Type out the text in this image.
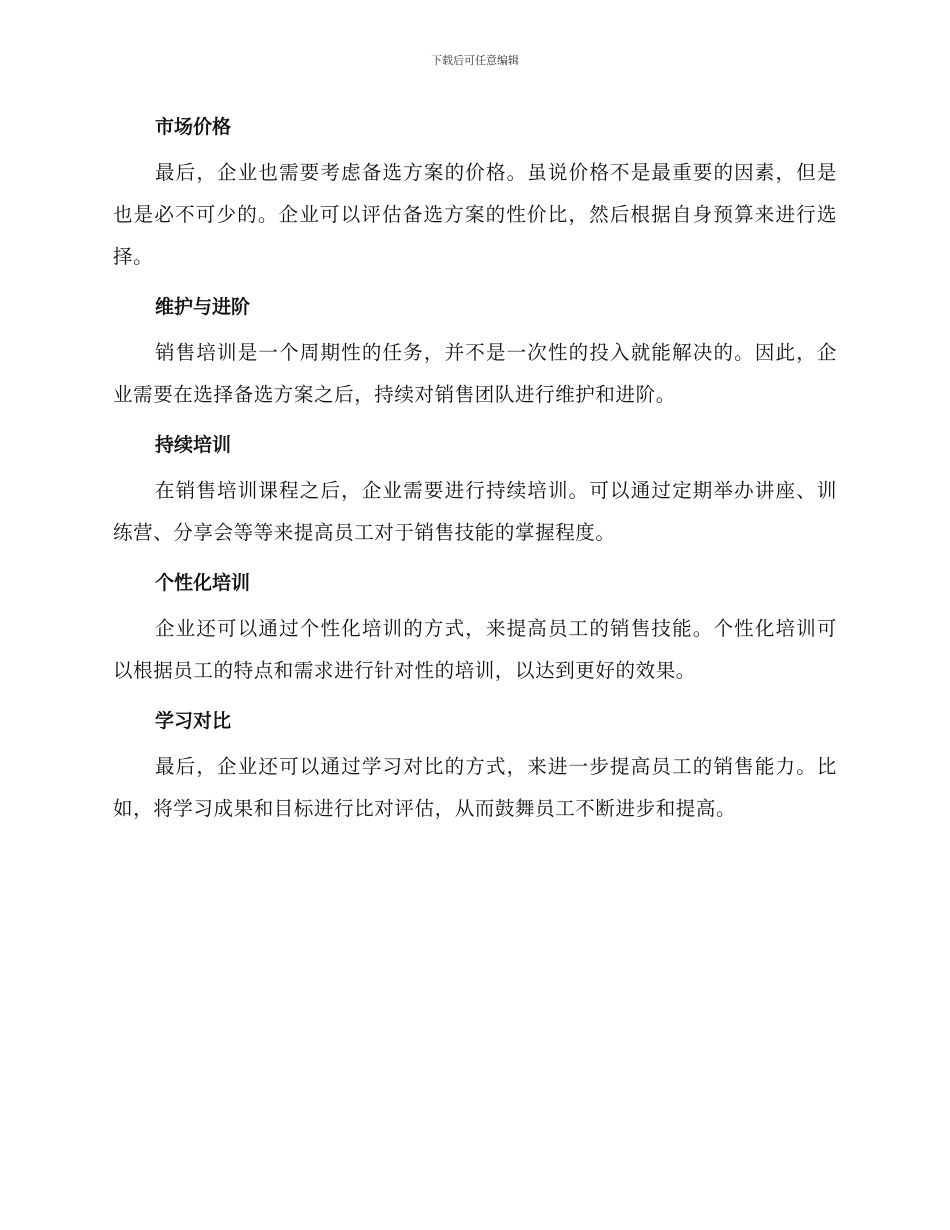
下载后可任意编辑
市场价格

最后，企业也需要考虑备选方案的价格。虽说价格不是最重要的因素，但是也是必不可少的。企业可以评估备选方案的性价比，然后根据自身预算来进行选择。

维护与进阶

销售培训是一个周期性的任务，并不是一次性的投入就能解决的。因此，企业需要在选择备选方案之后，持续对销售团队进行维护和进阶。

持续培训

在销售培训课程之后，企业需要进行持续培训。可以通过定期举办讲座、训练营、分享会等等来提高员工对于销售技能的掌握程度。

个性化培训

企业还可以通过个性化培训的方式，来提高员工的销售技能。个性化培训可以根据员工的特点和需求进行针对性的培训，以达到更好的效果。

学习对比

最后，企业还可以通过学习对比的方式，来进一步提高员工的销售能力。比如，将学习成果和目标进行比对评估，从而鼓舞员工不断进步和提高。
